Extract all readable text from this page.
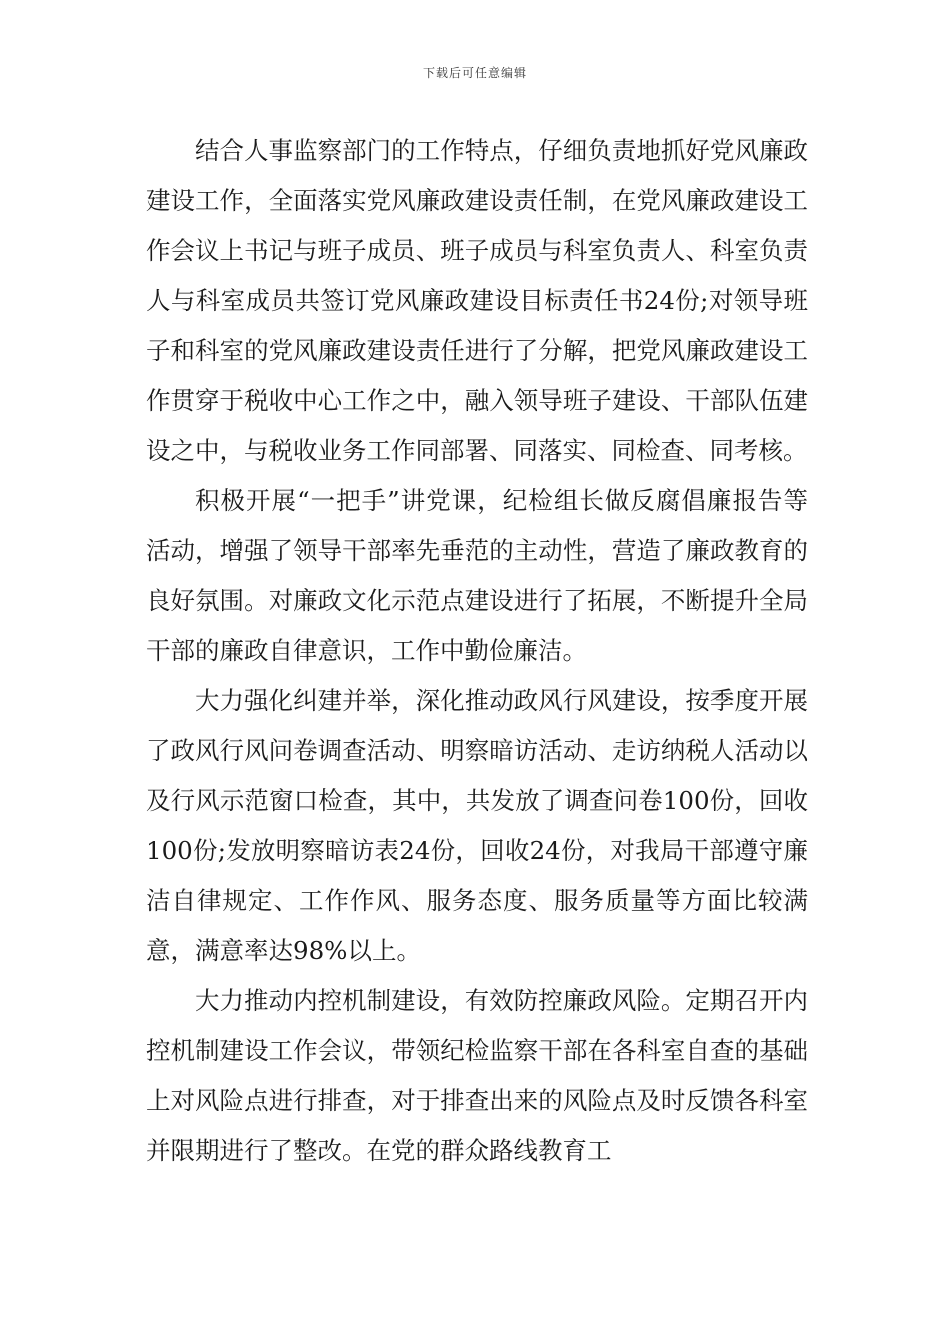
下载后可任意编辑

结合人事监察部门的工作特点，仔细负责地抓好党风廉政建设工作，全面落实党风廉政建设责任制，在党风廉政建设工作会议上书记与班子成员、班子成员与科室负责人、科室负责人与科室成员共签订党风廉政建设目标责任书24份;对领导班子和科室的党风廉政建设责任进行了分解，把党风廉政建设工作贯穿于税收中心工作之中，融入领导班子建设、干部队伍建设之中，与税收业务工作同部署、同落实、同检查、同考核。

积极开展“一把手”讲党课，纪检组长做反腐倡廉报告等活动，增强了领导干部率先垂范的主动性，营造了廉政教育的良好氛围。对廉政文化示范点建设进行了拓展，不断提升全局干部的廉政自律意识，工作中勤俭廉洁。

大力强化纠建并举，深化推动政风行风建设，按季度开展了政风行风问卷调查活动、明察暗访活动、走访纳税人活动以及行风示范窗口检查，其中，共发放了调查问卷100份，回收100份;发放明察暗访表24份，回收24份，对我局干部遵守廉洁自律规定、工作作风、服务态度、服务质量等方面比较满意，满意率达98%以上。

大力推动内控机制建设，有效防控廉政风险。定期召开内控机制建设工作会议，带领纪检监察干部在各科室自查的基础上对风险点进行排查，对于排查出来的风险点及时反馈各科室并限期进行了整改。在党的群众路线教育工
